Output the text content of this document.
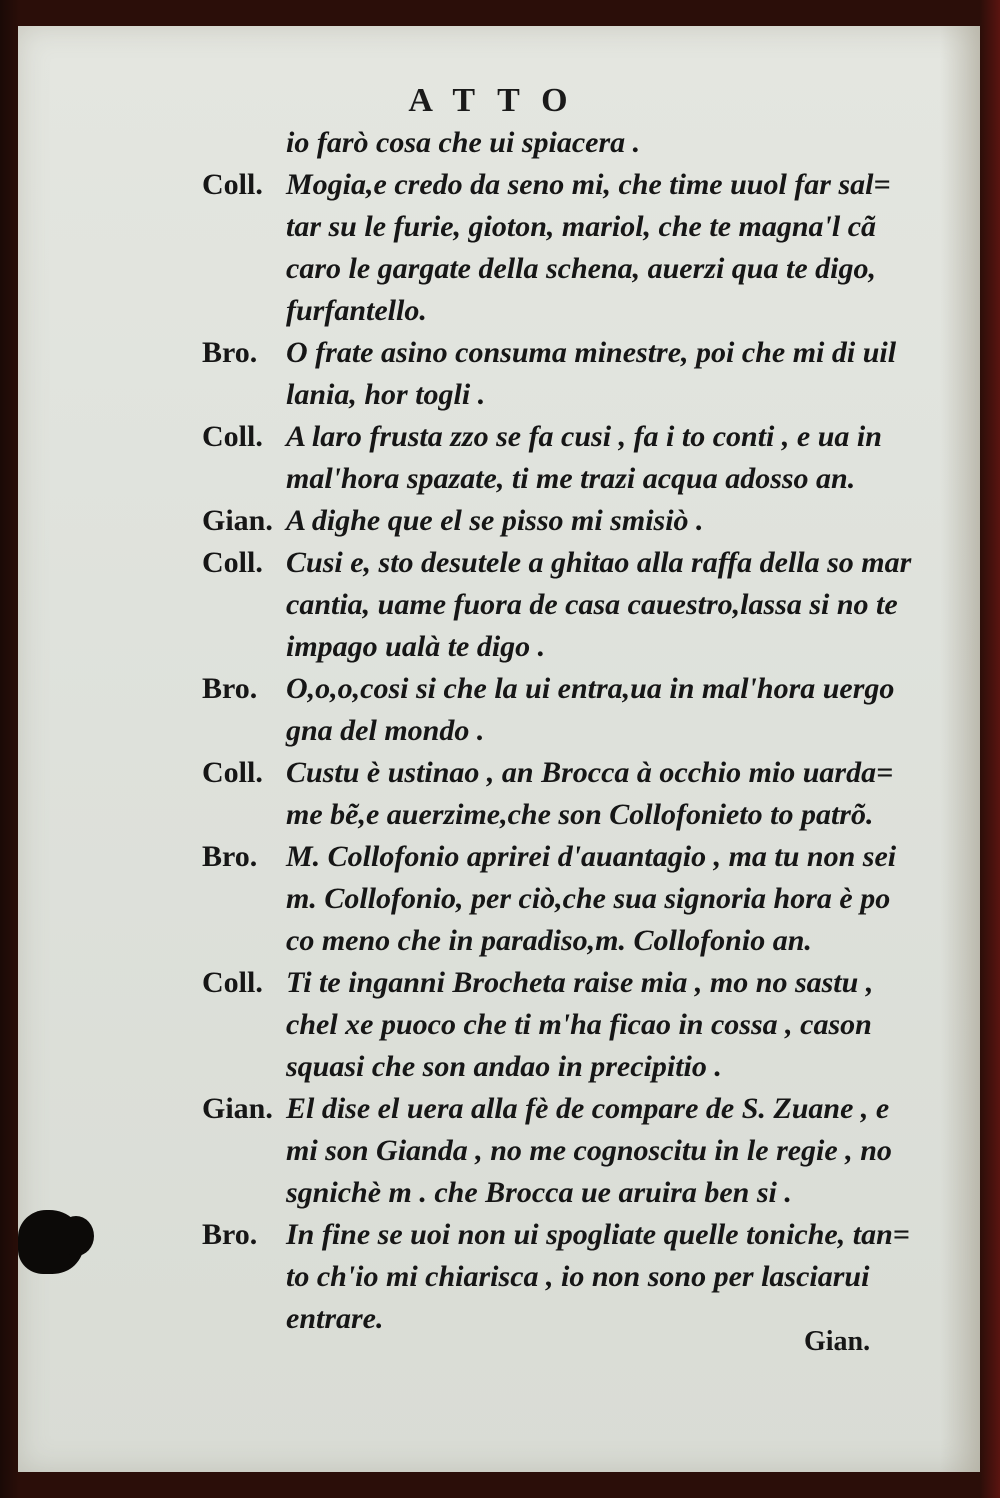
ATTO
io farò cosa che ui spiacera .
Coll. Mogia,e credo da seno mi, che time uuol far sal=
tar su le furie, gioton, mariol, che te magna'l cã
caro le gargate della schena, auerzi qua te digo,
furfantello.
Bro. O frate asino consuma minestre, poi che mi di uil
lania, hor togli .
Coll. A laro frusta zzo se fa cusi , fa i to conti , e ua in
mal'hora spazate, ti me trazi acqua adosso an.
Gian. A dighe que el se pisso mi smisiò .
Coll. Cusi e, sto desutele a ghitao alla raffa della so mar
cantia, uame fuora de casa cauestro,lassa si no te
impago ualà te digo .
Bro. O,o,o,cosi si che la ui entra,ua in mal'hora uergo
gna del mondo .
Coll. Custu è ustinao , an Brocca à occhio mio uarda=
me bẽ,e auerzime,che son Collofonieto to patrõ.
Bro. M. Collofonio aprirei d'auantagio , ma tu non sei
m. Collofonio, per ciò,che sua signoria hora è po
co meno che in paradiso,m. Collofonio an.
Coll. Ti te inganni Brocheta raise mia , mo no sastu ,
chel xe puoco che ti m'ha ficao in cossa , cason
squasi che son andao in precipitio .
Gian. El dise el uera alla fè de compare de S. Zuane , e
mi son Gianda , no me cognoscitu in le regie , no
sgnichè m . che Brocca ue aruira ben si .
Bro. In fine se uoi non ui spogliate quelle toniche, tan=
to ch'io mi chiarisca , io non sono per lasciarui
entrare.
Gian.
